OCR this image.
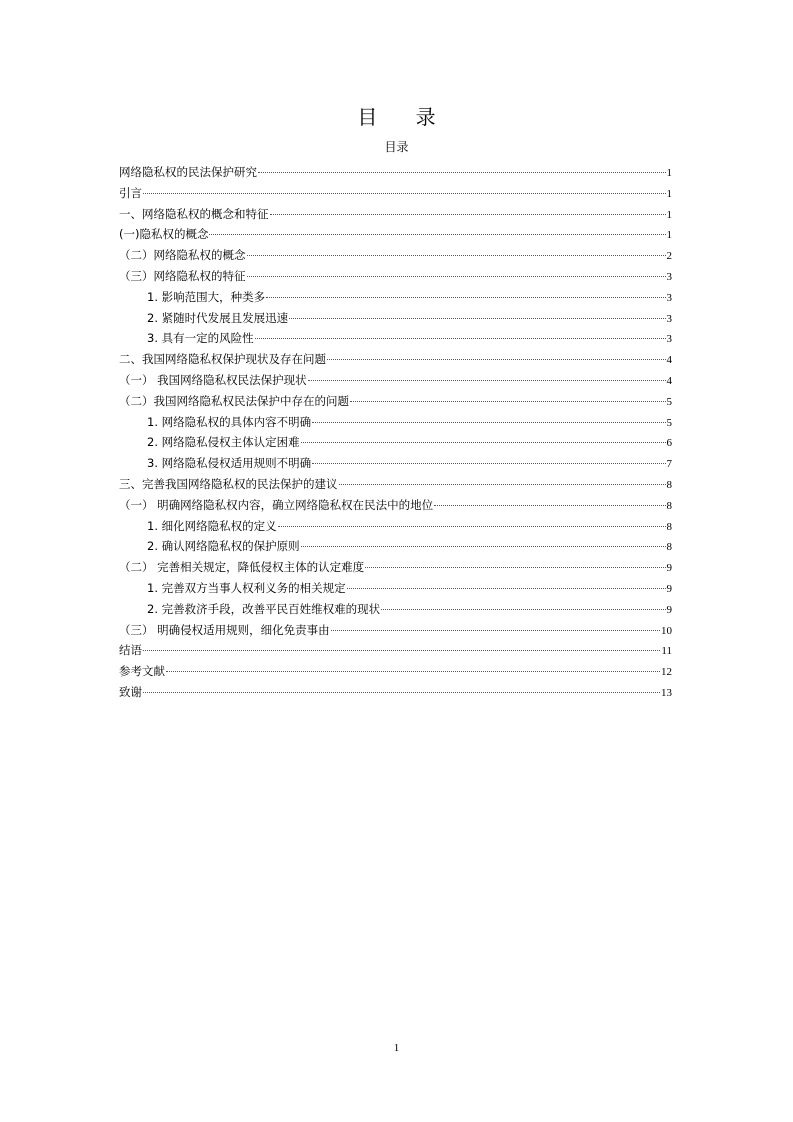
目 录
目录
网络隐私权的民法保护研究	1
引言	1
一、网络隐私权的概念和特征	1
(一)隐私权的概念	1
（二）网络隐私权的概念	2
（三）网络隐私权的特征	3
1. 影响范围大，种类多	3
2. 紧随时代发展且发展迅速	3
3. 具有一定的风险性	3
二、我国网络隐私权保护现状及存在问题	4
（一） 我国网络隐私权民法保护现状	4
（二）我国网络隐私权民法保护中存在的问题	5
1. 网络隐私权的具体内容不明确	5
2. 网络隐私侵权主体认定困难	6
3. 网络隐私侵权适用规则不明确	7
三、完善我国网络隐私权的民法保护的建议	8
（一） 明确网络隐私权内容，确立网络隐私权在民法中的地位	8
1. 细化网络隐私权的定义	8
2. 确认网络隐私权的保护原则	8
（二） 完善相关规定，降低侵权主体的认定难度	9
1. 完善双方当事人权利义务的相关规定	9
2. 完善救济手段，改善平民百姓维权难的现状	9
（三） 明确侵权适用规则，细化免责事由	10
结语	11
参考文献	12
致谢	13
1
